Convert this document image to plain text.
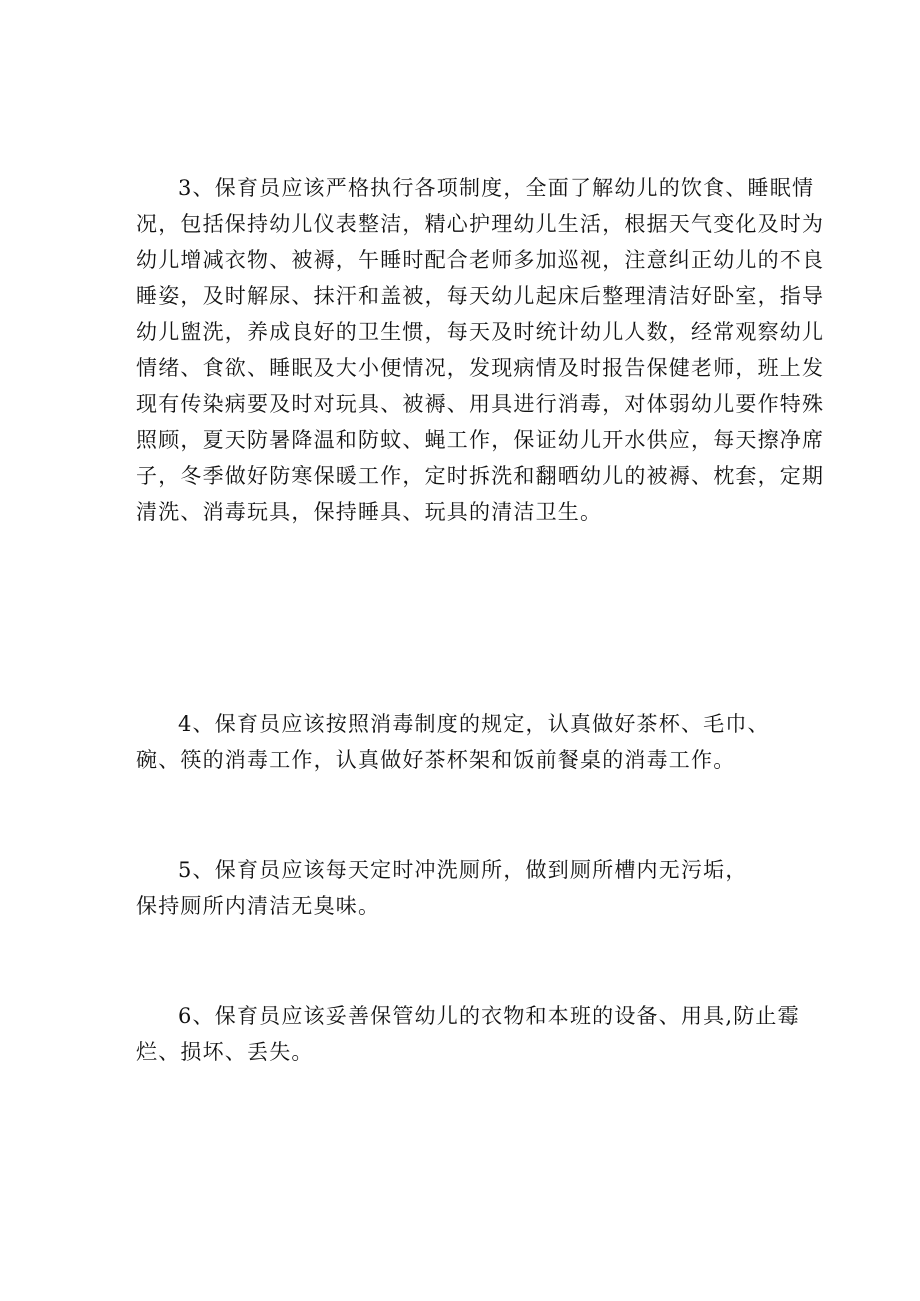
3、保育员应该严格执行各项制度，全面了解幼儿的饮食、睡眠情
况，包括保持幼儿仪表整洁，精心护理幼儿生活，根据天气变化及时为
幼儿增减衣物、被褥，午睡时配合老师多加巡视，注意纠正幼儿的不良
睡姿，及时解尿、抹汗和盖被，每天幼儿起床后整理清洁好卧室，指导
幼儿盥洗，养成良好的卫生惯，每天及时统计幼儿人数，经常观察幼儿
情绪、食欲、睡眠及大小便情况，发现病情及时报告保健老师，班上发
现有传染病要及时对玩具、被褥、用具进行消毒，对体弱幼儿要作特殊
照顾，夏天防暑降温和防蚊、蝇工作，保证幼儿开水供应，每天擦净席
子，冬季做好防寒保暖工作，定时拆洗和翻晒幼儿的被褥、枕套，定期
清洗、消毒玩具，保持睡具、玩具的清洁卫生。

4、保育员应该按照消毒制度的规定，认真做好茶杯、毛巾、
碗、筷的消毒工作，认真做好茶杯架和饭前餐桌的消毒工作。

5、保育员应该每天定时冲洗厕所，做到厕所槽内无污垢，
保持厕所内清洁无臭味。

6、保育员应该妥善保管幼儿的衣物和本班的设备、用具,防止霉
烂、损坏、丢失。
